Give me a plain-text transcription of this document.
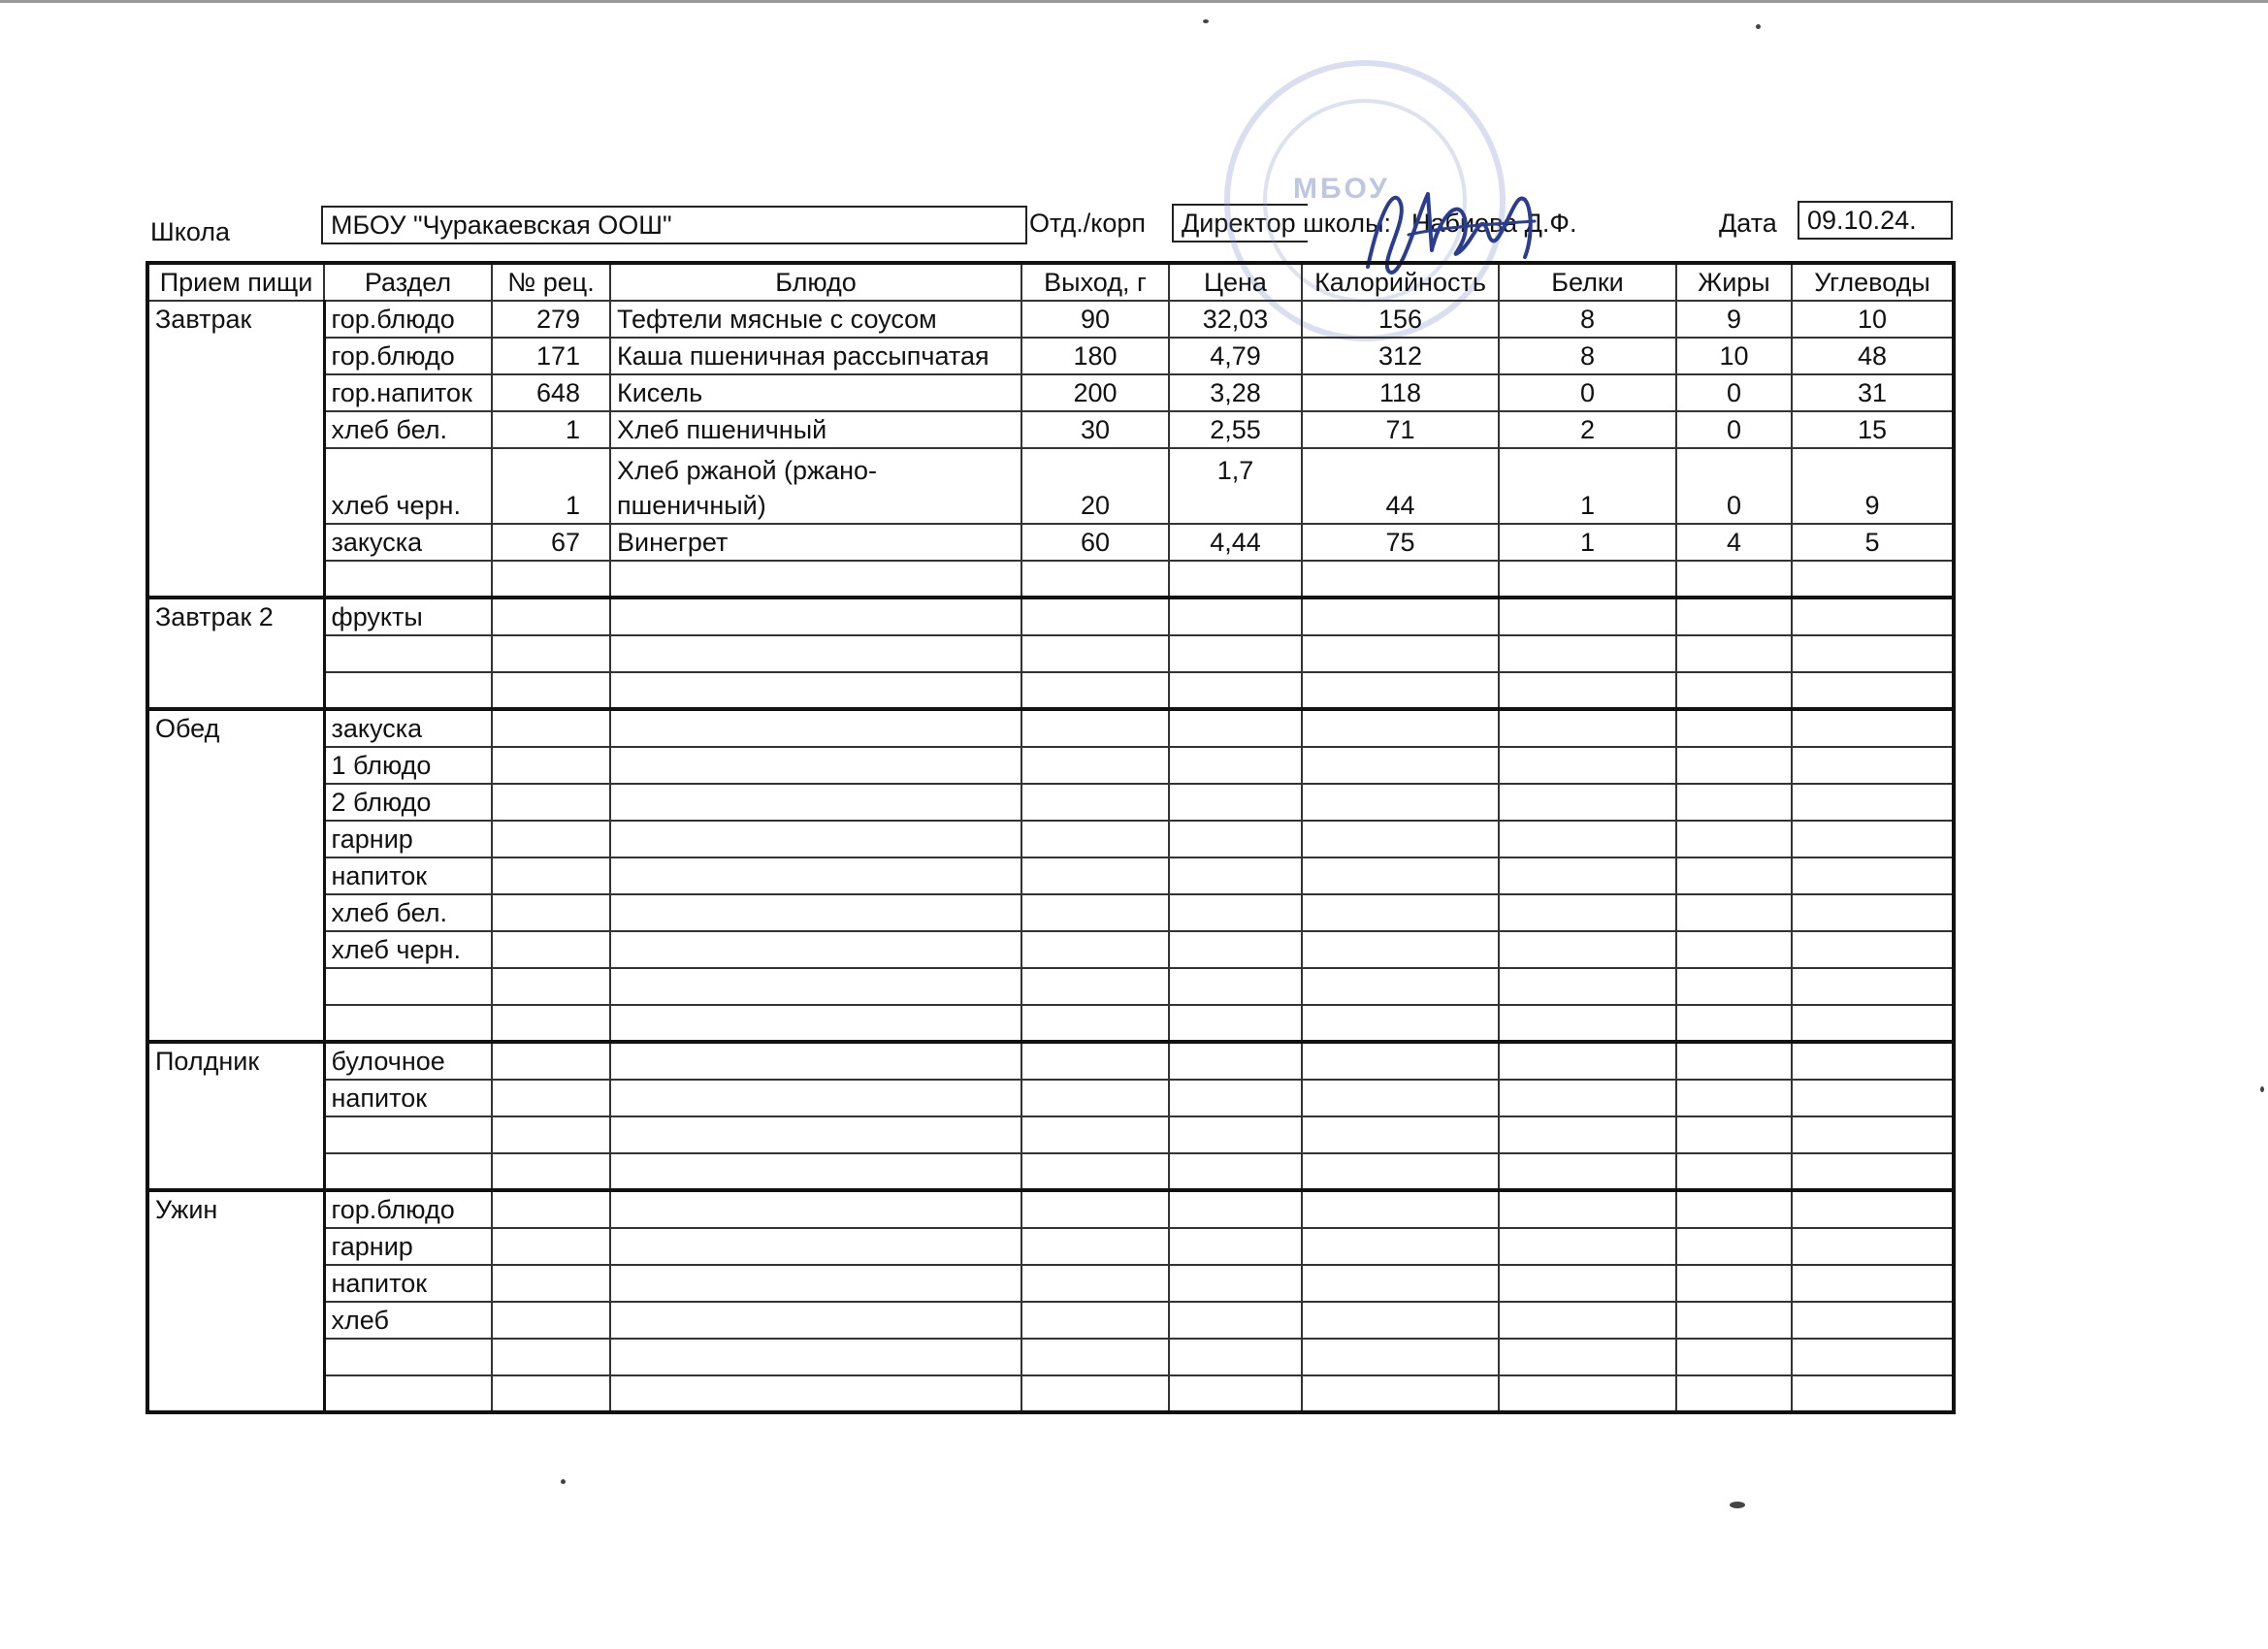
Школа	МБОУ "Чуракаевская ООШ"	Отд./корп	Директор школы: Набиева Д.Ф.	Дата	09.10.24.
МБОУ
Прием пищи	Раздел	№ рец.	Блюдо	Выход, г	Цена	Калорийность	Белки	Жиры	Углеводы
Завтрак	гор.блюдо	279	Тефтели мясные с соусом	90	32,03	156	8	9	10
	гор.блюдо	171	Каша пшеничная рассыпчатая	180	4,79	312	8	10	48
	гор.напиток	648	Кисель	200	3,28	118	0	0	31
	хлеб бел.	1	Хлеб пшеничный	30	2,55	71	2	0	15
	хлеб черн.	1	Хлеб ржаной (ржано-пшеничный)	20	1,7	44	1	0	9
	закуска	67	Винегрет	60	4,44	75	1	4	5

Завтрак 2	фрукты								

Обед	закуска								
	1 блюдо								
	2 блюдо								
	гарнир								
	напиток								
	хлеб бел.								
	хлеб черн.								

Полдник	булочное								
	напиток								

Ужин	гор.блюдо								
	гарнир								
	напиток								
	хлеб								
